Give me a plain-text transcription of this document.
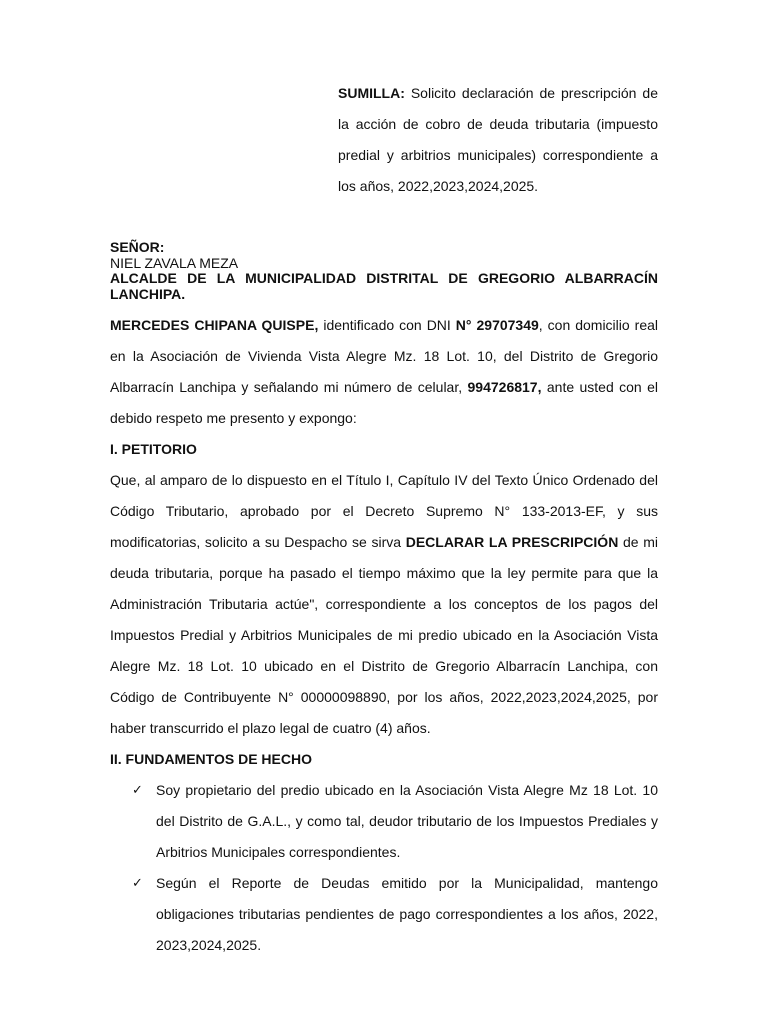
SUMILLA: Solicito declaración de prescripción de la acción de cobro de deuda tributaria (impuesto predial y arbitrios municipales) correspondiente a los años, 2022,2023,2024,2025.
SEÑOR:
NIEL ZAVALA MEZA
ALCALDE DE LA MUNICIPALIDAD DISTRITAL DE GREGORIO ALBARRACÍN LANCHIPA.

MERCEDES CHIPANA QUISPE, identificado con DNI N° 29707349, con domicilio real en la Asociación de Vivienda Vista Alegre Mz. 18 Lot. 10, del Distrito de Gregorio Albarracín Lanchipa y señalando mi número de celular, 994726817, ante usted con el debido respeto me presento y expongo:

I. PETITORIO

Que, al amparo de lo dispuesto en el Título I, Capítulo IV del Texto Único Ordenado del Código Tributario, aprobado por el Decreto Supremo N° 133-2013-EF, y sus modificatorias, solicito a su Despacho se sirva DECLARAR LA PRESCRIPCIÓN de mi deuda tributaria, porque ha pasado el tiempo máximo que la ley permite para que la Administración Tributaria actúe", correspondiente a los conceptos de los pagos del Impuestos Predial y Arbitrios Municipales de mi predio ubicado en la Asociación Vista Alegre Mz. 18 Lot. 10 ubicado en el Distrito de Gregorio Albarracín Lanchipa, con Código de Contribuyente N° 00000098890, por los años, 2022,2023,2024,2025, por haber transcurrido el plazo legal de cuatro (4) años.

II. FUNDAMENTOS DE HECHO

✓ Soy propietario del predio ubicado en la Asociación Vista Alegre Mz 18 Lot. 10 del Distrito de G.A.L., y como tal, deudor tributario de los Impuestos Prediales y Arbitrios Municipales correspondientes.
✓ Según el Reporte de Deudas emitido por la Municipalidad, mantengo obligaciones tributarias pendientes de pago correspondientes a los años, 2022, 2023,2024,2025.
